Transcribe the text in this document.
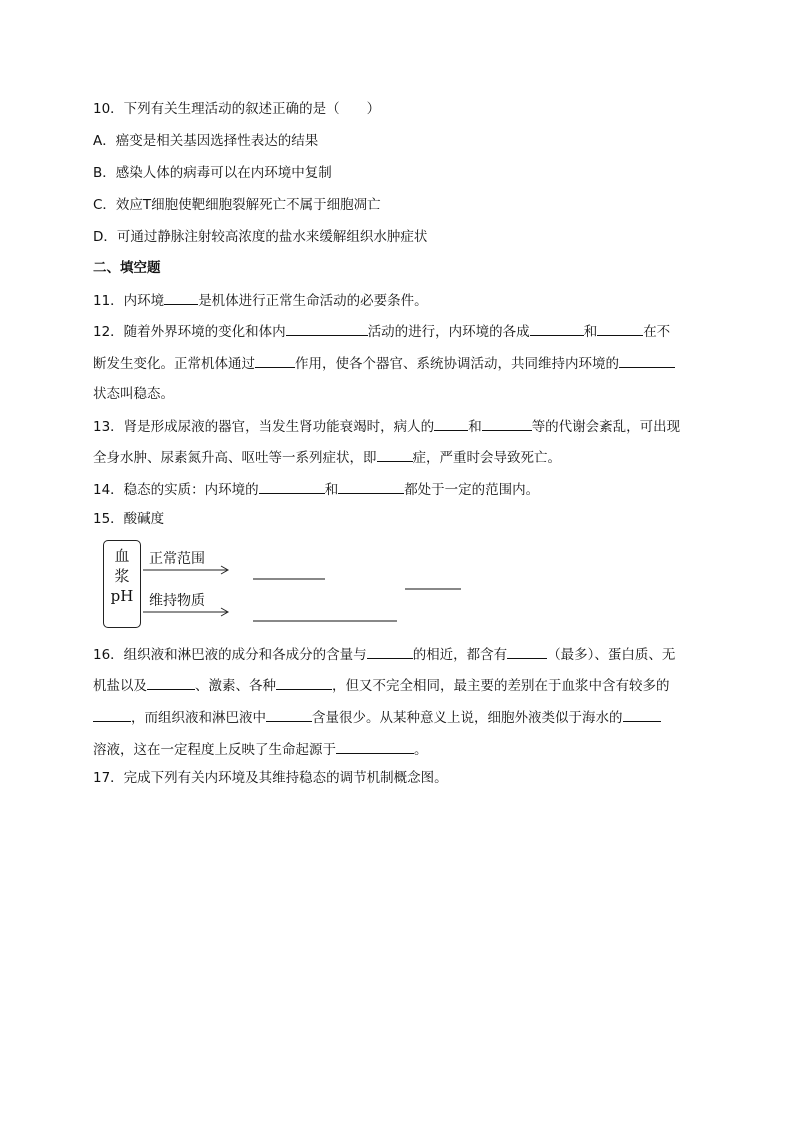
10．下列有关生理活动的叙述正确的是（　　）
A．癌变是相关基因选择性表达的结果
B．感染人体的病毒可以在内环境中复制
C．效应T细胞使靶细胞裂解死亡不属于细胞凋亡
D．可通过静脉注射较高浓度的盐水来缓解组织水肿症状
二、填空题
11．内环境	是机体进行正常生命活动的必要条件。
12．随着外界环境的变化和体内	活动的进行，内环境的各成	和	在不
断发生变化。正常机体通过	作用，使各个器官、系统协调活动，共同维持内环境的
状态叫稳态。
13．肾是形成尿液的器官，当发生肾功能衰竭时，病人的	和	等的代谢会紊乱，可出现
全身水肿、尿素氮升高、呕吐等一系列症状，即	症，严重时会导致死亡。
14．稳态的实质：内环境的	和	都处于一定的范围内。
15．酸碱度
血
浆
pH
正常范围
维持物质
16．组织液和淋巴液的成分和各成分的含量与	的相近，都含有	（最多）、蛋白质、无
机盐以及	、激素、各种	，但又不完全相同，最主要的差别在于血浆中含有较多的
，而组织液和淋巴液中	含量很少。从某种意义上说，细胞外液类似于海水的
溶液，这在一定程度上反映了生命起源于	。
17．完成下列有关内环境及其维持稳态的调节机制概念图。
